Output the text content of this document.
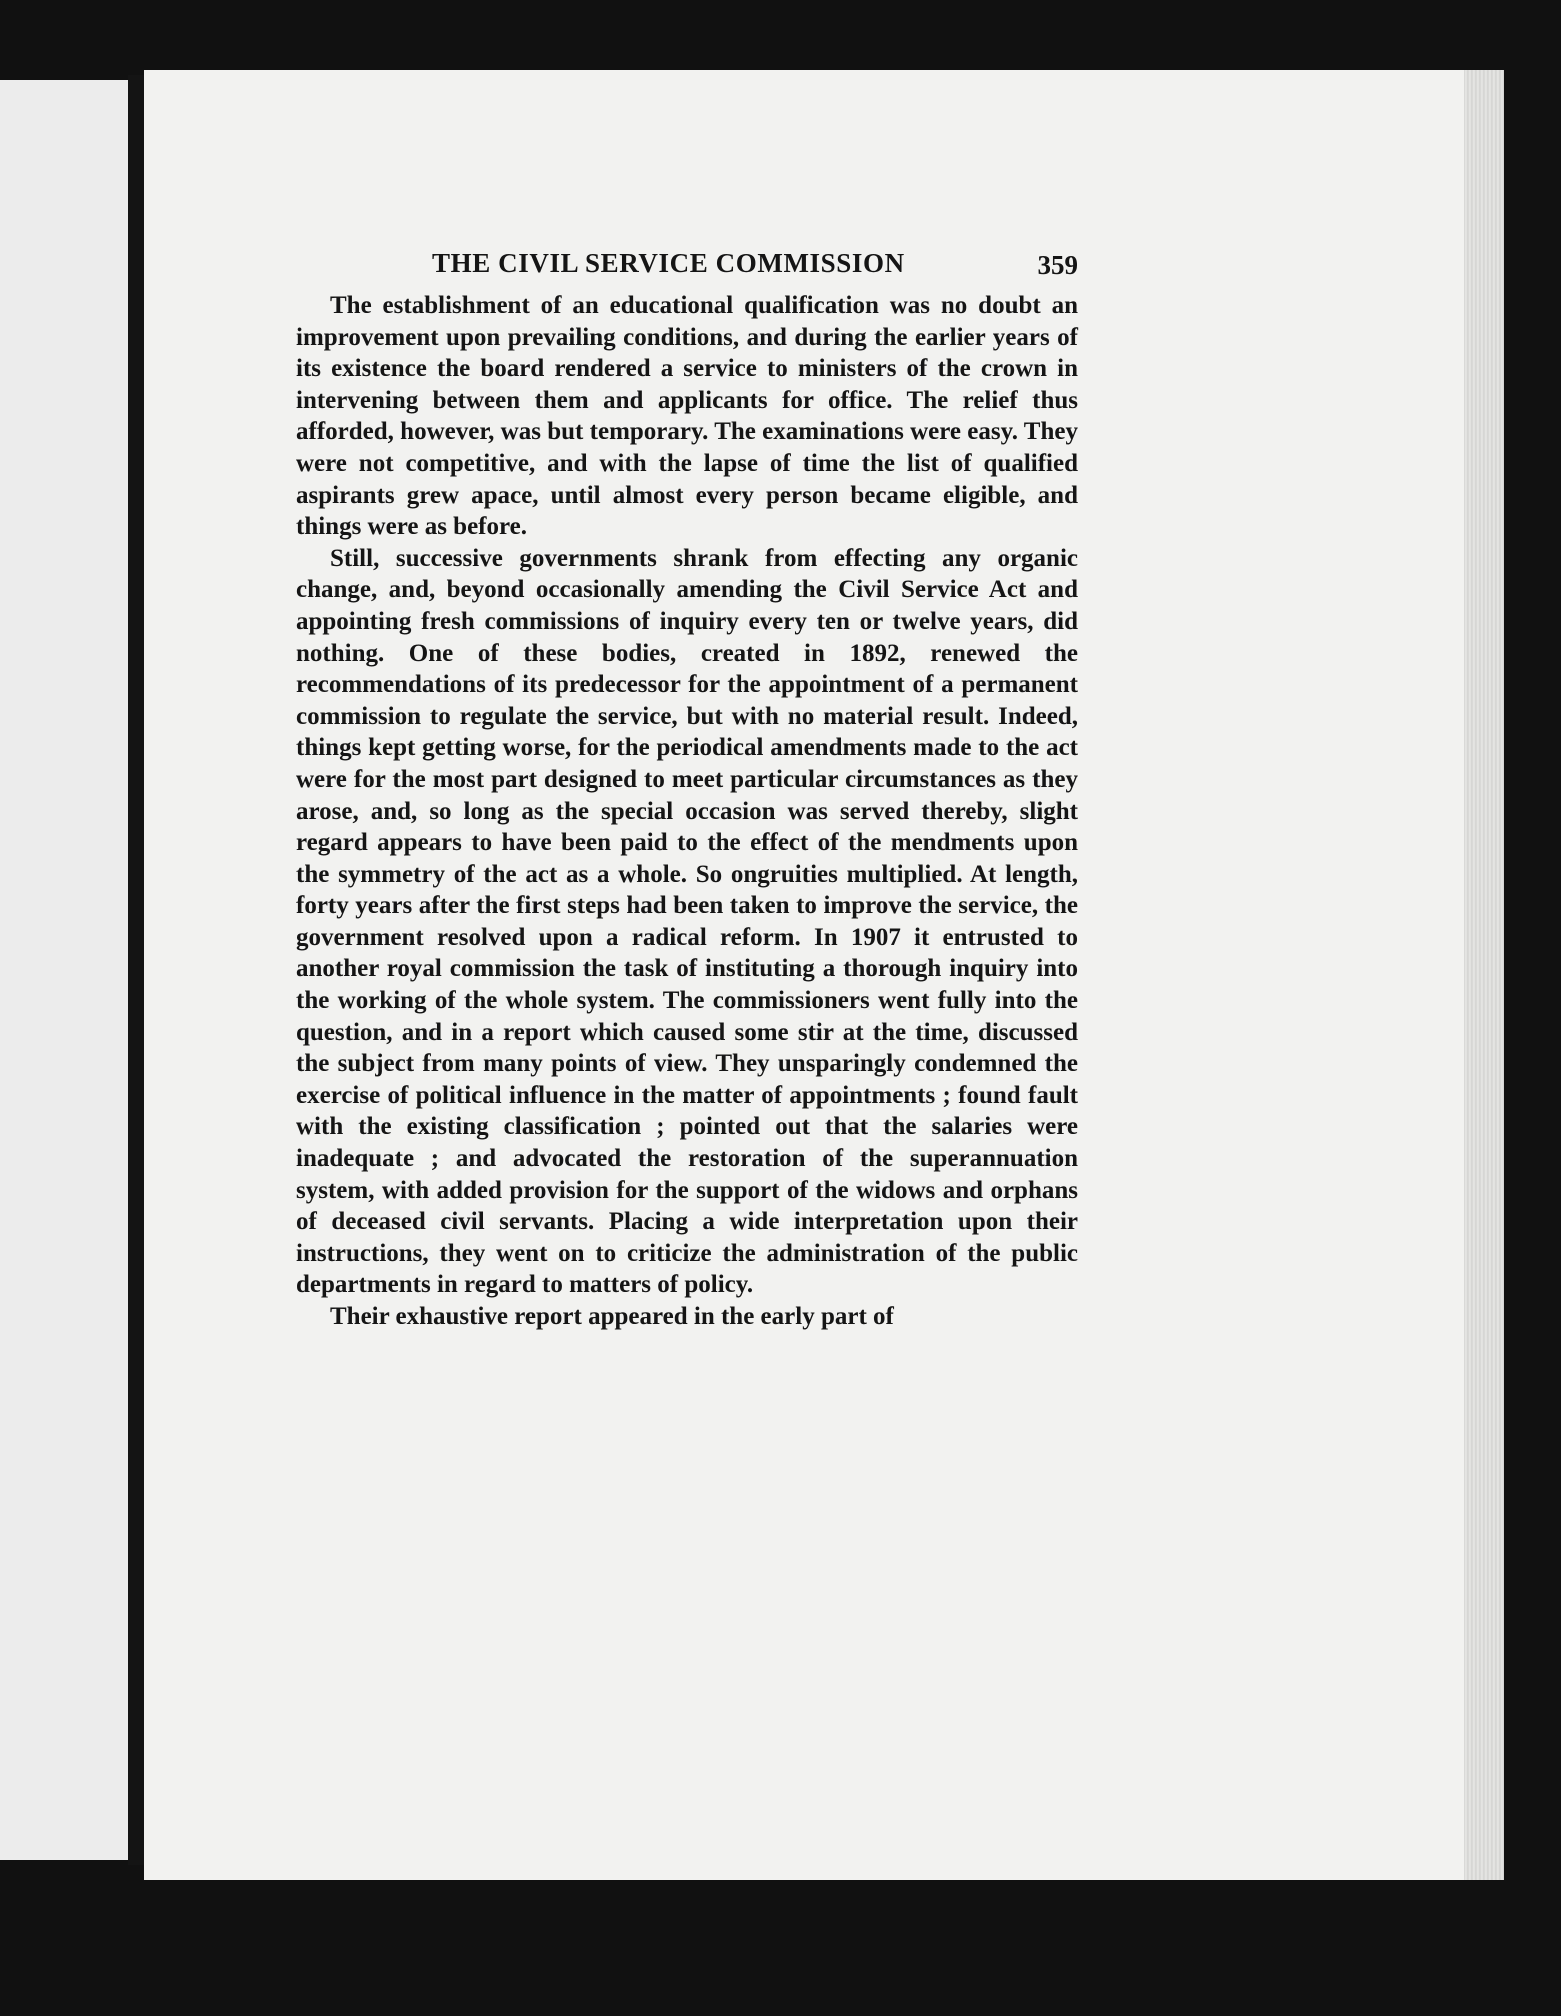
THE CIVIL SERVICE COMMISSION	359

The establishment of an educational qualification was no doubt an improvement upon prevailing conditions, and during the earlier years of its existence the board rendered a service to ministers of the crown in intervening between them and applicants for office. The relief thus afforded, however, was but temporary. The examinations were easy. They were not competitive, and with the lapse of time the list of qualified aspirants grew apace, until almost every person became eligible, and things were as before.

Still, successive governments shrank from effecting any organic change, and, beyond occasionally amending the Civil Service Act and appointing fresh commissions of inquiry every ten or twelve years, did nothing. One of these bodies, created in 1892, renewed the recommendations of its predecessor for the appointment of a permanent commission to regulate the service, but with no material result. Indeed, things kept getting worse, for the periodical amendments made to the act were for the most part designed to meet particular circumstances as they arose, and, so long as the special occasion was served thereby, slight regard appears to have been paid to the effect of the mendments upon the symmetry of the act as a whole. So ongruities multiplied. At length, forty years after the first steps had been taken to improve the service, the government resolved upon a radical reform. In 1907 it entrusted to another royal commission the task of instituting a thorough inquiry into the working of the whole system. The commissioners went fully into the question, and in a report which caused some stir at the time, discussed the subject from many points of view. They unsparingly condemned the exercise of political influence in the matter of appointments ; found fault with the existing classification ; pointed out that the salaries were inadequate ; and advocated the restoration of the superannuation system, with added provision for the support of the widows and orphans of deceased civil servants. Placing a wide interpretation upon their instructions, they went on to criticize the administration of the public departments in regard to matters of policy.

Their exhaustive report appeared in the early part of
